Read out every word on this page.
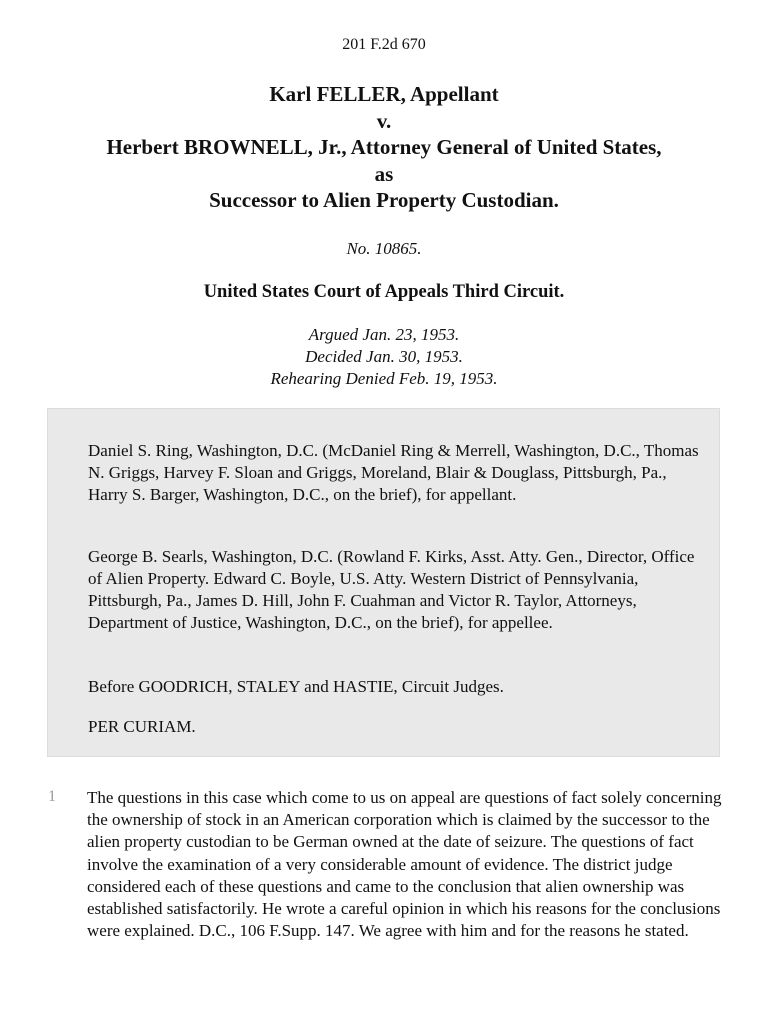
201 F.2d 670
Karl FELLER, Appellant
v.
Herbert BROWNELL, Jr., Attorney General of United States,
as
Successor to Alien Property Custodian.
No. 10865.
United States Court of Appeals Third Circuit.
Argued Jan. 23, 1953.
Decided Jan. 30, 1953.
Rehearing Denied Feb. 19, 1953.

Daniel S. Ring, Washington, D.C. (McDaniel Ring & Merrell, Washington, D.C., Thomas N. Griggs, Harvey F. Sloan and Griggs, Moreland, Blair & Douglass, Pittsburgh, Pa., Harry S. Barger, Washington, D.C., on the brief), for appellant.

George B. Searls, Washington, D.C. (Rowland F. Kirks, Asst. Atty. Gen., Director, Office of Alien Property. Edward C. Boyle, U.S. Atty. Western District of Pennsylvania, Pittsburgh, Pa., James D. Hill, John F. Cuahman and Victor R. Taylor, Attorneys, Department of Justice, Washington, D.C., on the brief), for appellee.

Before GOODRICH, STALEY and HASTIE, Circuit Judges.

PER CURIAM.

1 The questions in this case which come to us on appeal are questions of fact solely concerning the ownership of stock in an American corporation which is claimed by the successor to the alien property custodian to be German owned at the date of seizure. The questions of fact involve the examination of a very considerable amount of evidence. The district judge considered each of these questions and came to the conclusion that alien ownership was established satisfactorily. He wrote a careful opinion in which his reasons for the conclusions were explained. D.C., 106 F.Supp. 147. We agree with him and for the reasons he stated.
